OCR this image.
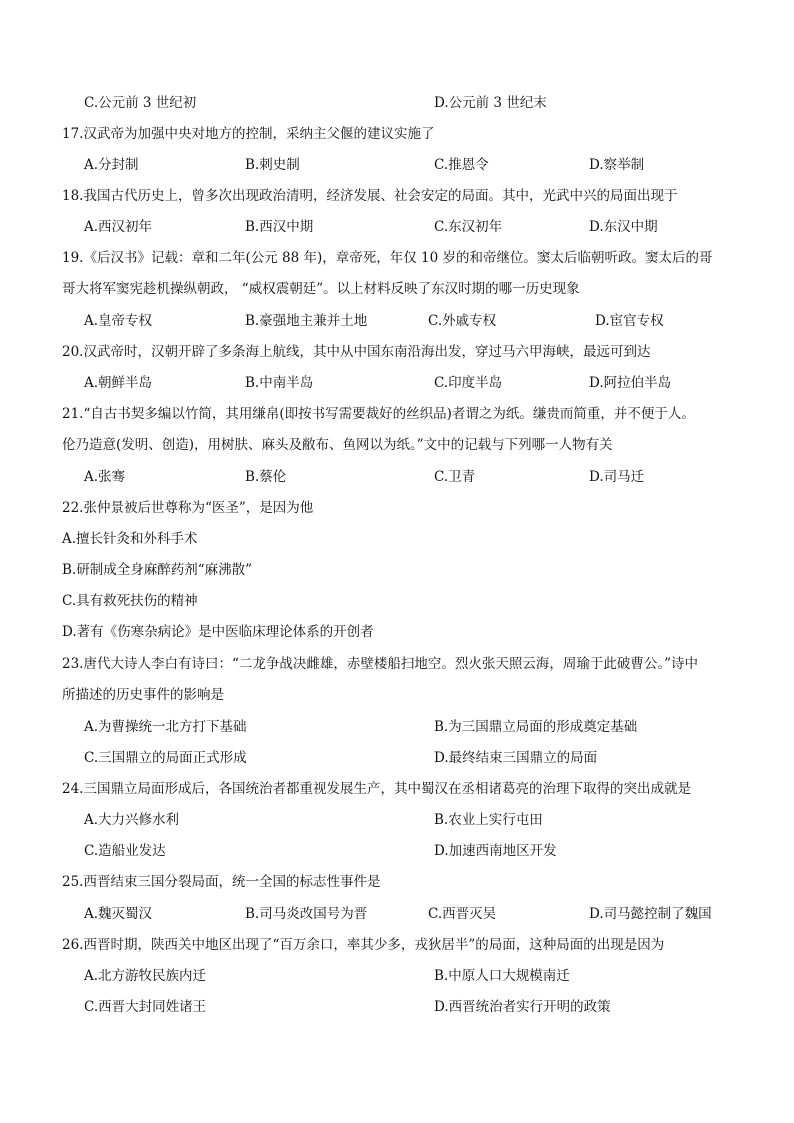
C.公元前 3 世纪初	D.公元前 3 世纪末
17.汉武帝为加强中央对地方的控制，采纳主父偃的建议实施了
A.分封制	B.刺史制	C.推恩令	D.察举制
18.我国古代历史上，曾多次出现政治清明，经济发展、社会安定的局面。其中，光武中兴的局面出现于
A.西汉初年	B.西汉中期	C.东汉初年	D.东汉中期
19.《后汉书》记载：章和二年(公元 88 年)，章帝死，年仅 10 岁的和帝继位。窦太后临朝听政。窦太后的哥
哥大将军窦宪趁机操纵朝政， “威权震朝廷”。以上材料反映了东汉时期的哪一历史现象
A.皇帝专权	B.豪强地主兼并土地	C.外戚专权	D.宦官专权
20.汉武帝时，汉朝开辟了多条海上航线，其中从中国东南沿海出发，穿过马六甲海峡，最远可到达
A.朝鲜半岛	B.中南半岛	C.印度半岛	D.阿拉伯半岛
21.“自古书契多编以竹简，其用缣帛(即按书写需要裁好的丝织品)者谓之为纸。缣贵而简重，并不便于人。
伦乃造意(发明、创造)，用树肤、麻头及敝布、鱼网以为纸。”文中的记载与下列哪一人物有关
A.张骞	B.蔡伦	C.卫青	D.司马迁
22.张仲景被后世尊称为“医圣”，是因为他
A.擅长针灸和外科手术
B.研制成全身麻醉药剂“麻沸散”
C.具有救死扶伤的精神
D.著有《伤寒杂病论》是中医临床理论体系的开创者
23.唐代大诗人李白有诗曰：“二龙争战决雌雄，赤壁楼船扫地空。烈火张天照云海，周瑜于此破曹公。”诗中
所描述的历史事件的影响是
A.为曹操统一北方打下基础	B.为三国鼎立局面的形成奠定基础
C.三国鼎立的局面正式形成	D.最终结束三国鼎立的局面
24.三国鼎立局面形成后，各国统治者都重视发展生产，其中蜀汉在丞相诸葛亮的治理下取得的突出成就是
A.大力兴修水利	B.农业上实行屯田
C.造船业发达	D.加速西南地区开发
25.西晋结束三国分裂局面，统一全国的标志性事件是
A.魏灭蜀汉	B.司马炎改国号为晋	C.西晋灭吴	D.司马懿控制了魏国
26.西晋时期，陕西关中地区出现了“百万余口，率其少多，戎狄居半”的局面，这种局面的出现是因为
A.北方游牧民族内迁	B.中原人口大规模南迁
C.西晋大封同姓诸王	D.西晋统治者实行开明的政策
